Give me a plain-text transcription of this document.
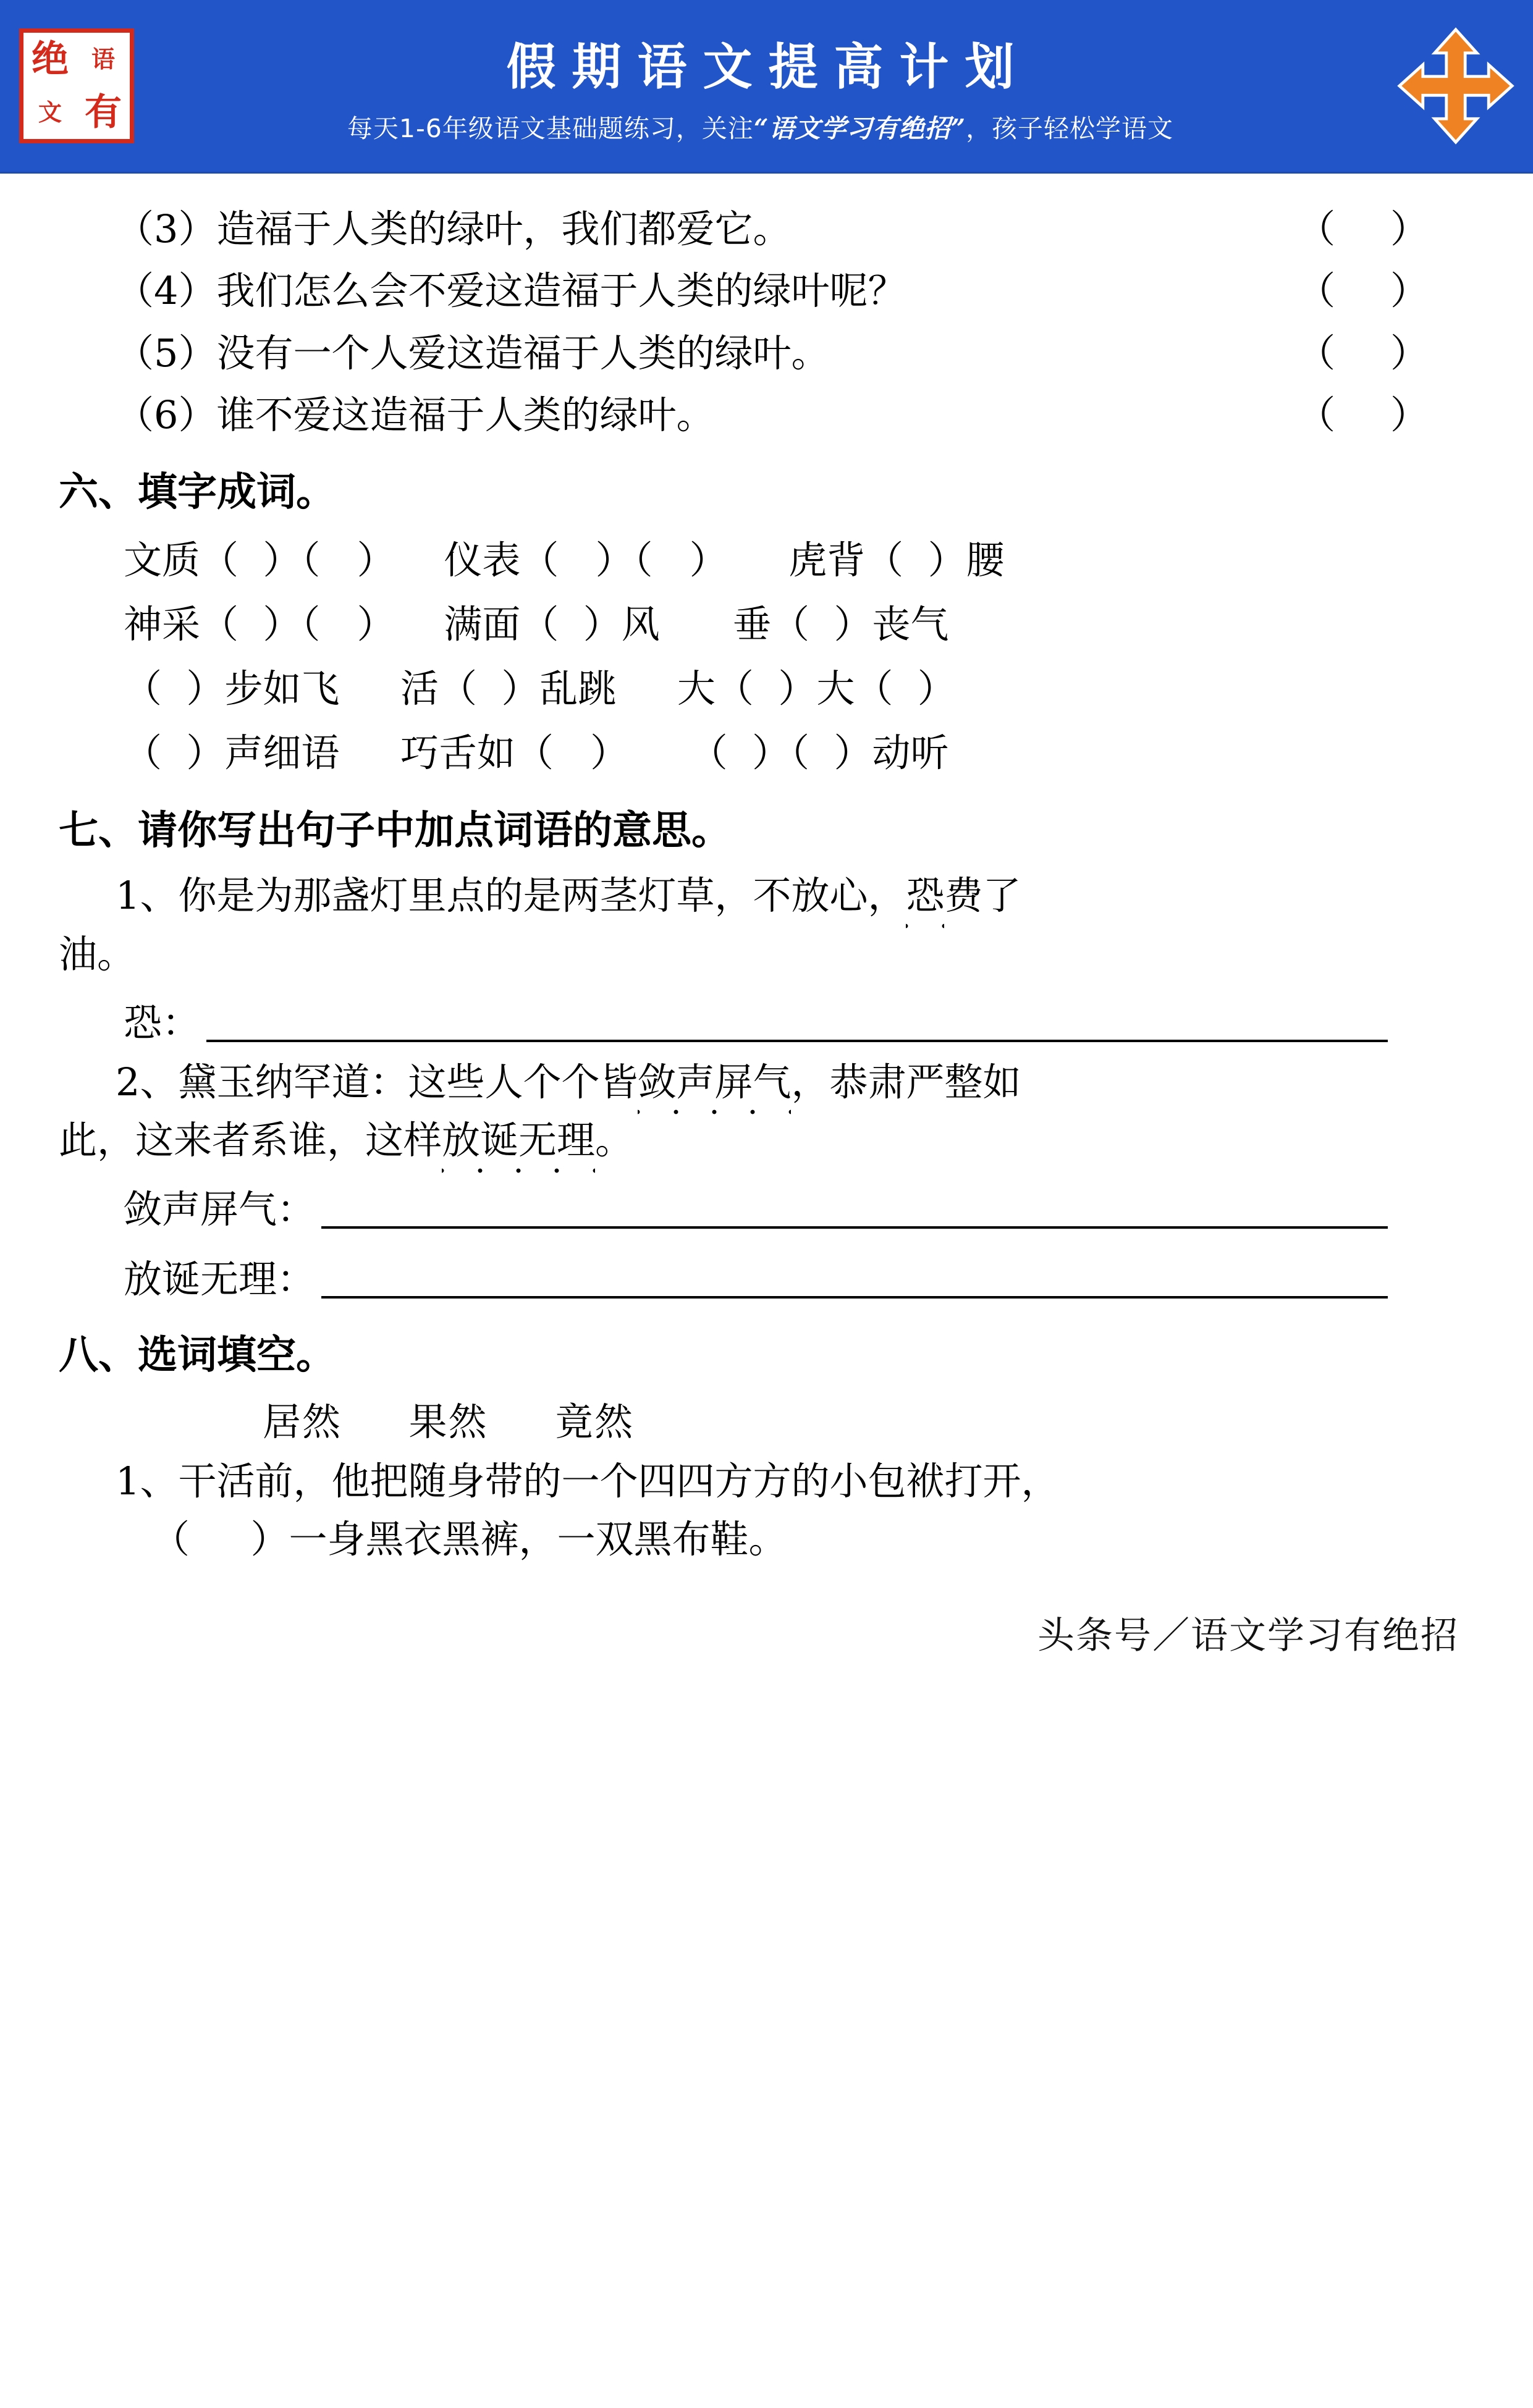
绝 语
文 有
假期语文提高计划
每天1-6年级语文基础题练习，关注“语文学习有绝招”，孩子轻松学语文
（3） 造福于人类的绿叶，我们都爱它。	（    ）
（4） 我们怎么会不爱这造福于人类的绿叶呢？	（    ）
（5） 没有一个人爱这造福于人类的绿叶。	（    ）
（6） 谁不爱这造福于人类的绿叶。	（    ）
六、填字成词。
文质（  ）（   ）    仪表（   ）（   ）     虎背（  ）腰
神采（  ）（   ）    满面（  ）风      垂（  ）丧气
（  ）步如飞     活（  ）乱跳     大（  ）大（  ）
（  ）声细语     巧舌如（   ）     （  ）（  ）动听
七、请你写出句子中加点词语的意思。
1、你是为那盏灯里点的是两茎灯草，不放心，恐费了
油。
恐：
2、黛玉纳罕道：这些人个个皆敛声屏气，恭肃严整如
此，这来者系谁，这样放诞无理。
敛声屏气：
放诞无理：
八、选词填空。
居然     果然     竟然
1、干活前，他把随身带的一个四四方方的小包袱打开，
（     ）一身黑衣黑裤，一双黑布鞋。
头条号／语文学习有绝招
